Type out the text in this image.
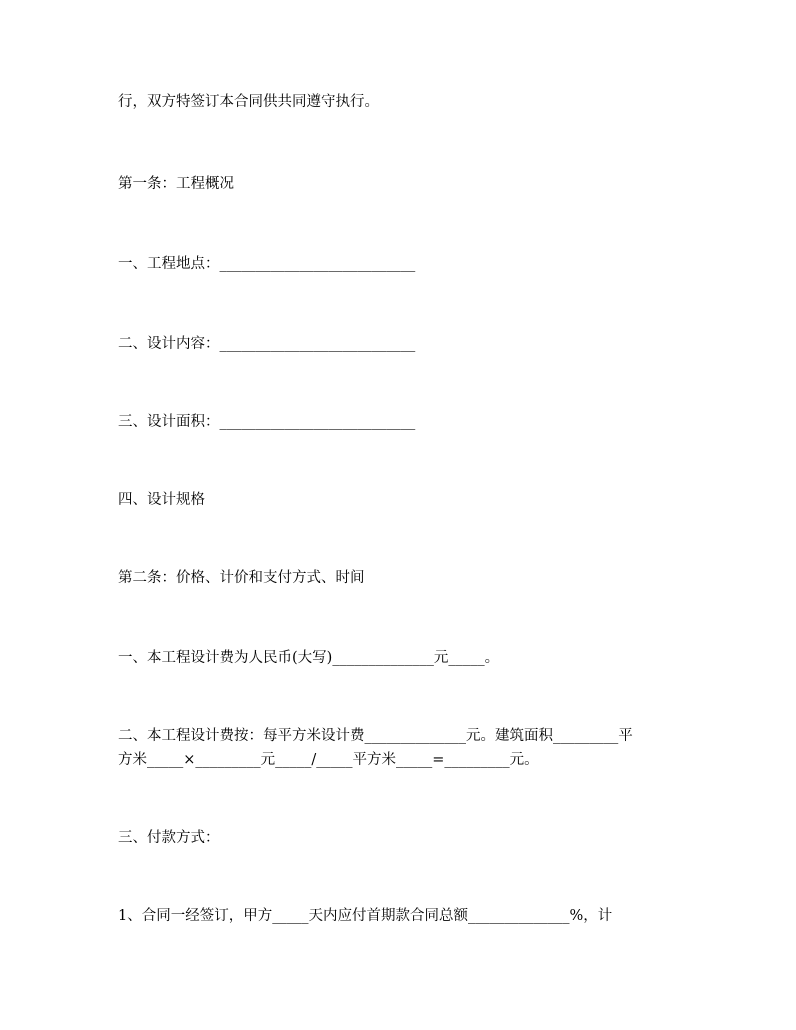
行，双方特签订本合同供共同遵守执行。

第一条：工程概况

一、工程地点：___________________________

二、设计内容：___________________________

三、设计面积：___________________________

四、设计规格

第二条：价格、计价和支付方式、时间

一、本工程设计费为人民币(大写)______________元_____。

二、本工程设计费按：每平方米设计费______________元。建筑面积_________平

方米_____×_________元_____/_____平方米_____=_________元。

三、付款方式：

1、合同一经签订，甲方_____天内应付首期款合同总额______________%，计
